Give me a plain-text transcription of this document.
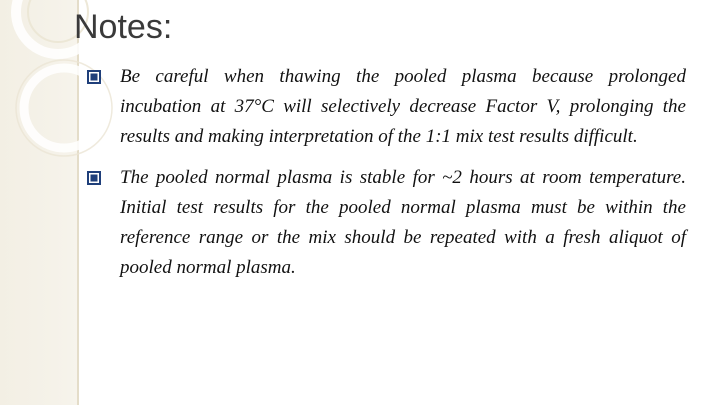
Notes:
Be careful when thawing the pooled plasma because prolonged incubation at 37°C will selectively decrease Factor V, prolonging the results and making interpretation of the 1:1 mix test results difficult.
The pooled normal plasma is stable for ~2 hours at room temperature. Initial test results for the pooled normal plasma must be within the reference range or the mix should be repeated with a fresh aliquot of pooled normal plasma.
